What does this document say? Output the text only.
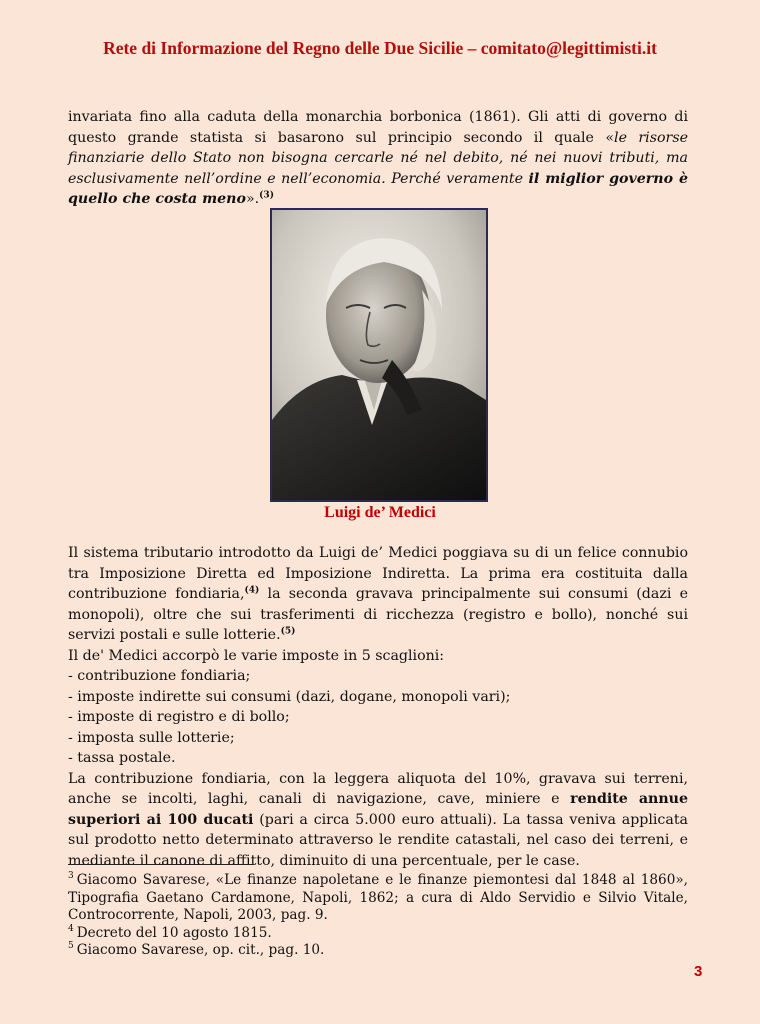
Rete di Informazione del Regno delle Due Sicilie – comitato@legittimisti.it
invariata fino alla caduta della monarchia borbonica (1861). Gli atti di governo di questo grande statista si basarono sul principio secondo il quale «le risorse finanziarie dello Stato non bisogna cercarle né nel debito, né nei nuovi tributi, ma esclusivamente nell’ordine e nell’economia. Perché veramente il miglior governo è quello che costa meno».$^{(3)}$
Luigi de’ Medici
Il sistema tributario introdotto da Luigi de’ Medici poggiava su di un felice connubio tra Imposizione Diretta ed Imposizione Indiretta. La prima era costituita dalla contribuzione fondiaria,$^{(4)}$ la seconda gravava principalmente sui consumi (dazi e monopoli), oltre che sui trasferimenti di ricchezza (registro e bollo), nonché sui servizi postali e sulle lotterie.$^{(5)}$
Il de' Medici accorpò le varie imposte in 5 scaglioni:
- contribuzione fondiaria;
- imposte indirette sui consumi (dazi, dogane, monopoli vari);
- imposte di registro e di bollo;
- imposta sulle lotterie;
- tassa postale.
La contribuzione fondiaria, con la leggera aliquota del 10%, gravava sui terreni, anche se incolti, laghi, canali di navigazione, cave, miniere e rendite annue superiori ai 100 ducati (pari a circa 5.000 euro attuali). La tassa veniva applicata sul prodotto netto determinato attraverso le rendite catastali, nel caso dei terreni, e mediante il canone di affitto, diminuito di una percentuale, per le case.
$^3$ Giacomo Savarese, «Le finanze napoletane e le finanze piemontesi dal 1848 al 1860», Tipografia Gaetano Cardamone, Napoli, 1862; a cura di Aldo Servidio e Silvio Vitale, Controcorrente, Napoli, 2003, pag. 9.
$^4$ Decreto del 10 agosto 1815.
$^5$ Giacomo Savarese, op. cit., pag. 10.
3
